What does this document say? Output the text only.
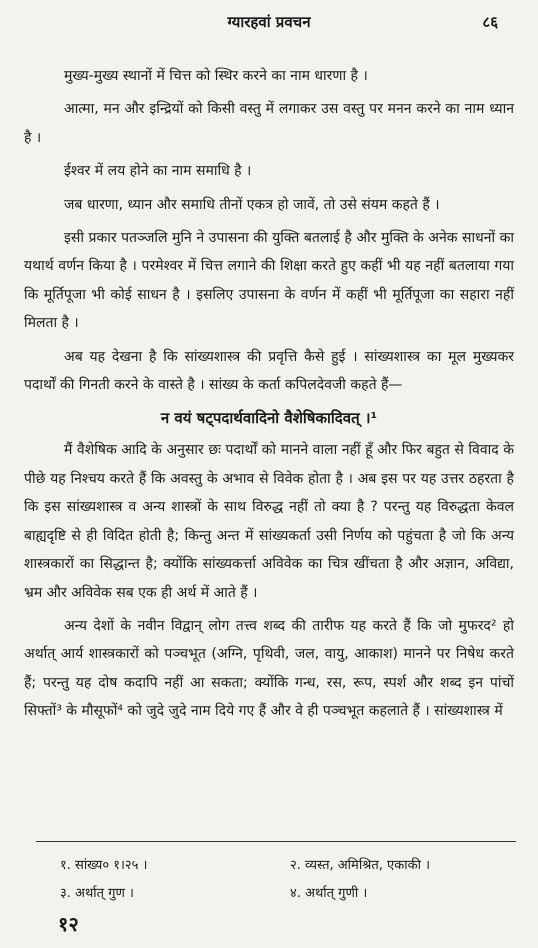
ग्यारहवां प्रवचन	८६

मुख्य-मुख्य स्थानों में चित्त को स्थिर करने का नाम धारणा है ।

आत्मा, मन और इन्द्रियों को किसी वस्तु में लगाकर उस वस्तु पर मनन करने का नाम ध्यान है ।

ईश्वर में लय होने का नाम समाधि है ।

जब धारणा, ध्यान और समाधि तीनों एकत्र हो जावें, तो उसे संयम कहते हैं ।

इसी प्रकार पतञ्जलि मुनि ने उपासना की युक्ति बतलाई है और मुक्ति के अनेक साधनों का यथार्थ वर्णन किया है । परमेश्वर में चित्त लगाने की शिक्षा करते हुए कहीं भी यह नहीं बतलाया गया कि मूर्तिपूजा भी कोई साधन है । इसलिए उपासना के वर्णन में कहीं भी मूर्तिपूजा का सहारा नहीं मिलता है ।

अब यह देखना है कि सांख्यशास्त्र की प्रवृत्ति कैसे हुई । सांख्यशास्त्र का मूल मुख्यकर पदार्थों की गिनती करने के वास्ते है । सांख्य के कर्ता कपिलदेवजी कहते हैं—

न वयं षट्पदार्थवादिनो वैशेषिकादिवत् ।¹

मैं वैशेषिक आदि के अनुसार छः पदार्थों को मानने वाला नहीं हूँ और फिर बहुत से विवाद के पीछे यह निश्चय करते हैं कि अवस्तु के अभाव से विवेक होता है । अब इस पर यह उत्तर ठहरता है कि इस सांख्यशास्त्र व अन्य शास्त्रों के साथ विरुद्ध नहीं तो क्या है ? परन्तु यह विरुद्धता केवल बाह्यदृष्टि से ही विदित होती है; किन्तु अन्त में सांख्यकर्ता उसी निर्णय को पहुंचता है जो कि अन्य शास्त्रकारों का सिद्धान्त है; क्योंकि सांख्यकर्त्ता अविवेक का चित्र खींचता है और अज्ञान, अविद्या, भ्रम और अविवेक सब एक ही अर्थ में आते हैं ।

अन्य देशों के नवीन विद्वान् लोग तत्त्व शब्द की तारीफ यह करते हैं कि जो मुफरद² हो अर्थात् आर्य शास्त्रकारों को पञ्चभूत (अग्नि, पृथिवी, जल, वायु, आकाश) मानने पर निषेध करते हैं; परन्तु यह दोष कदापि नहीं आ सकता; क्योंकि गन्ध, रस, रूप, स्पर्श और शब्द इन पांचों सिफ्तों³ के मौसूफों⁴ को जुदे जुदे नाम दिये गए हैं और वे ही पञ्चभूत कहलाते हैं । सांख्यशास्त्र में

१. सांख्य० १।२५ ।	२. व्यस्त, अमिश्रित, एकाकी ।
३. अर्थात् गुण ।	४. अर्थात् गुणी ।
१२
